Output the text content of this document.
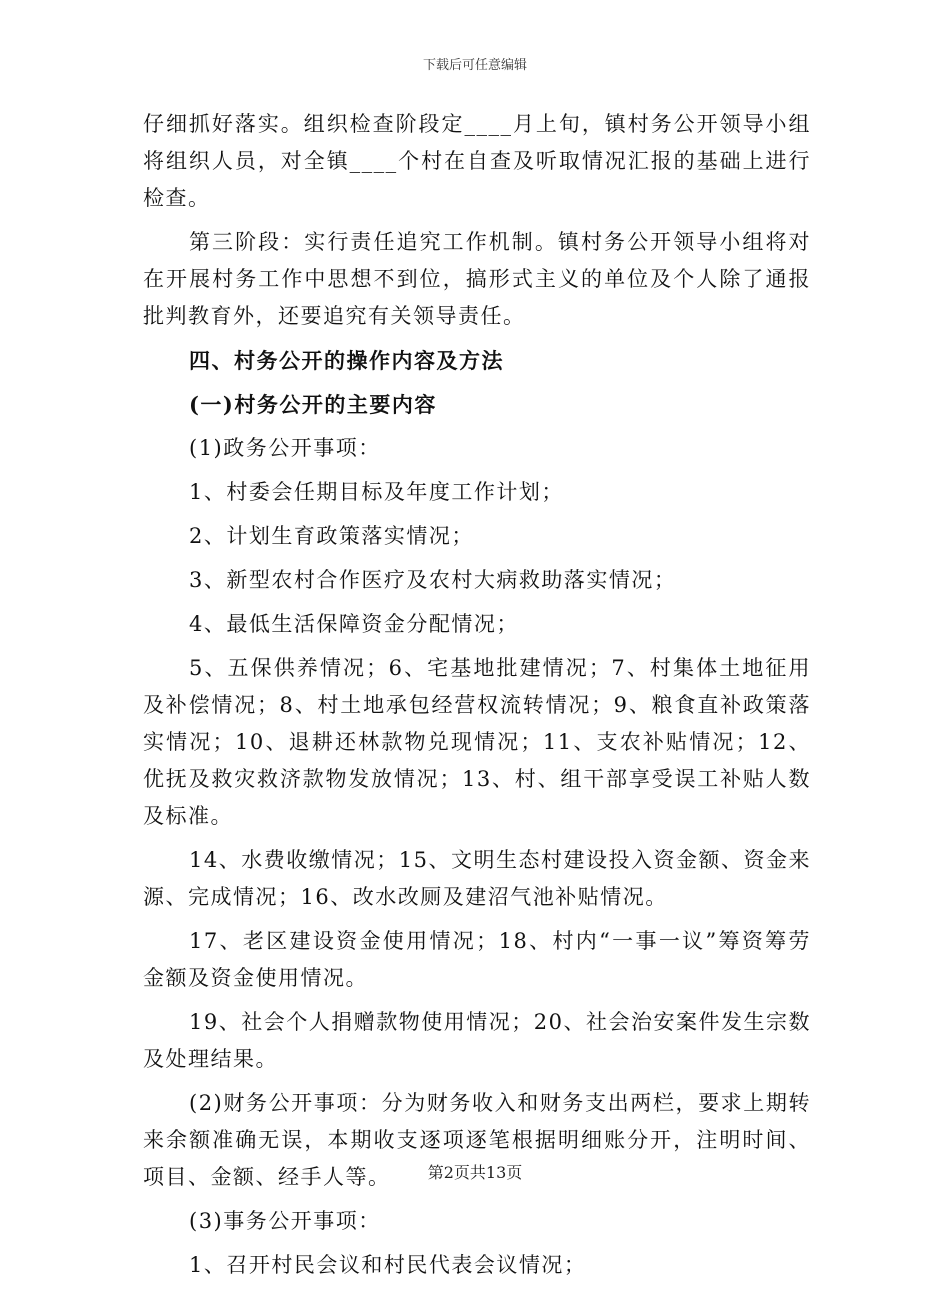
下载后可任意编辑

仔细抓好落实。组织检查阶段定____月上旬，镇村务公开领导小组将组织人员，对全镇____个村在自查及听取情况汇报的基础上进行检查。

第三阶段：实行责任追究工作机制。镇村务公开领导小组将对在开展村务工作中思想不到位，搞形式主义的单位及个人除了通报批判教育外，还要追究有关领导责任。

四、村务公开的操作内容及方法

(一)村务公开的主要内容

(1)政务公开事项：

1、村委会任期目标及年度工作计划；

2、计划生育政策落实情况；

3、新型农村合作医疗及农村大病救助落实情况；

4、最低生活保障资金分配情况；

5、五保供养情况；6、宅基地批建情况；7、村集体土地征用及补偿情况；8、村土地承包经营权流转情况；9、粮食直补政策落实情况；10、退耕还林款物兑现情况；11、支农补贴情况；12、优抚及救灾救济款物发放情况；13、村、组干部享受误工补贴人数及标准。

14、水费收缴情况；15、文明生态村建设投入资金额、资金来源、完成情况；16、改水改厕及建沼气池补贴情况。

17、老区建设资金使用情况；18、村内“一事一议”筹资筹劳金额及资金使用情况。

19、社会个人捐赠款物使用情况；20、社会治安案件发生宗数及处理结果。

(2)财务公开事项：分为财务收入和财务支出两栏，要求上期转来余额准确无误，本期收支逐项逐笔根据明细账分开，注明时间、项目、金额、经手人等。

(3)事务公开事项：

1、召开村民会议和村民代表会议情况；

第2页共13页
